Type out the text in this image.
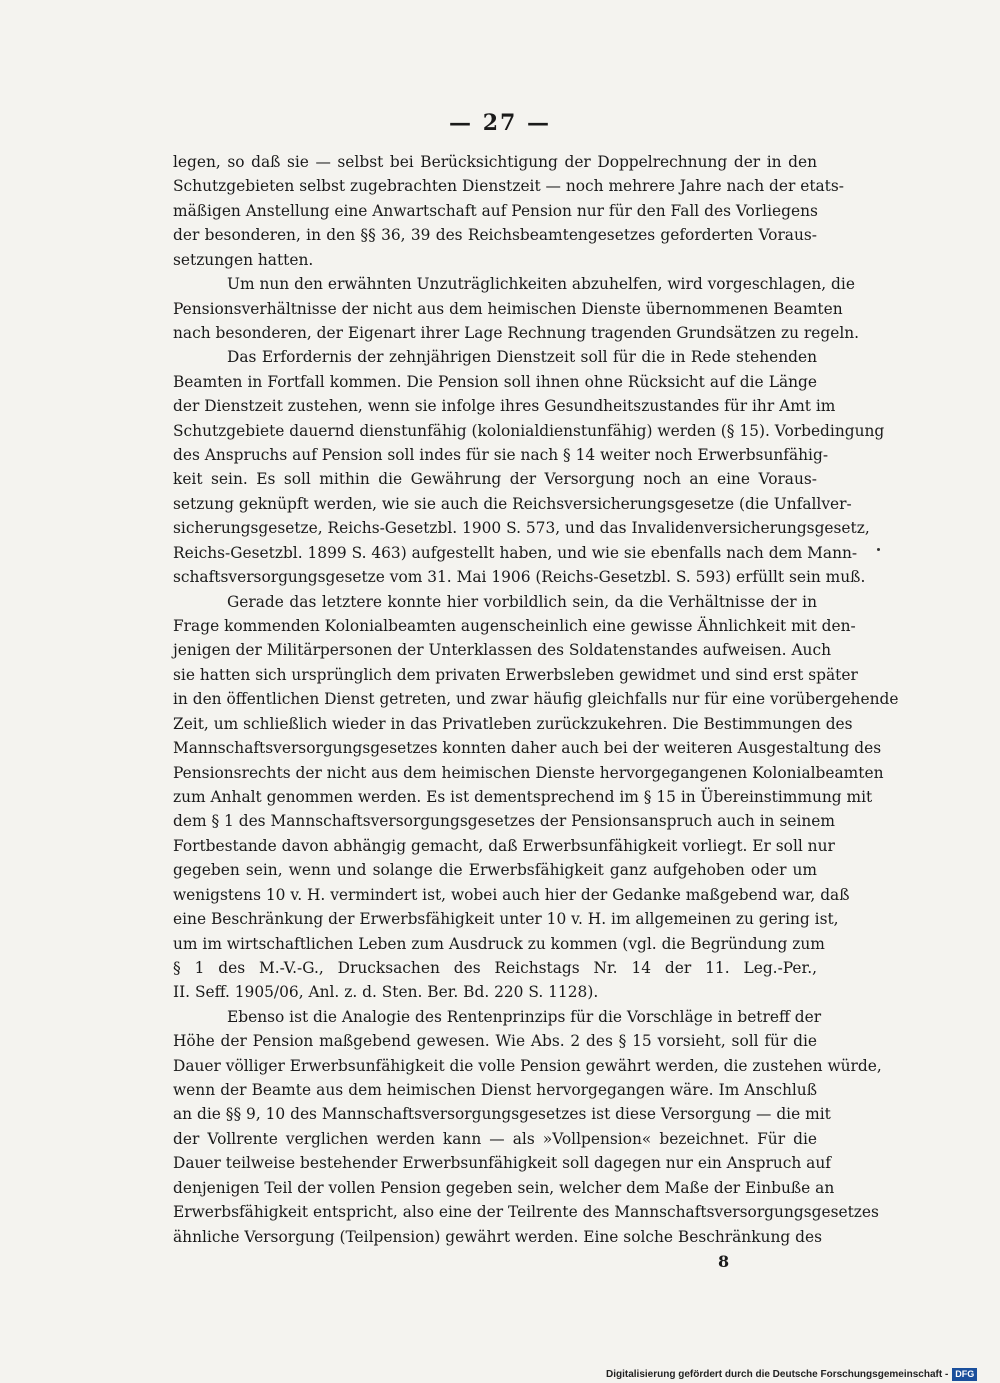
— 27 —
legen, so daß sie — selbst bei Berücksichtigung der Doppelrechnung der in den
Schutzgebieten selbst zugebrachten Dienstzeit — noch mehrere Jahre nach der etats-
mäßigen Anstellung eine Anwartschaft auf Pension nur für den Fall des Vorliegens
der besonderen, in den §§ 36, 39 des Reichsbeamtengesetzes geforderten Voraus-
setzungen hatten.
Um nun den erwähnten Unzuträglichkeiten abzuhelfen, wird vorgeschlagen, die
Pensionsverhältnisse der nicht aus dem heimischen Dienste übernommenen Beamten
nach besonderen, der Eigenart ihrer Lage Rechnung tragenden Grundsätzen zu regeln.
Das Erfordernis der zehnjährigen Dienstzeit soll für die in Rede stehenden
Beamten in Fortfall kommen. Die Pension soll ihnen ohne Rücksicht auf die Länge
der Dienstzeit zustehen, wenn sie infolge ihres Gesundheitszustandes für ihr Amt im
Schutzgebiete dauernd dienstunfähig (kolonialdienstunfähig) werden (§ 15). Vorbedingung
des Anspruchs auf Pension soll indes für sie nach § 14 weiter noch Erwerbsunfähig-
keit sein. Es soll mithin die Gewährung der Versorgung noch an eine Voraus-
setzung geknüpft werden, wie sie auch die Reichsversicherungsgesetze (die Unfallver-
sicherungsgesetze, Reichs-Gesetzbl. 1900 S. 573, und das Invalidenversicherungsgesetz,
Reichs-Gesetzbl. 1899 S. 463) aufgestellt haben, und wie sie ebenfalls nach dem Mann-
schaftsversorgungsgesetze vom 31. Mai 1906 (Reichs-Gesetzbl. S. 593) erfüllt sein muß.
Gerade das letztere konnte hier vorbildlich sein, da die Verhältnisse der in
Frage kommenden Kolonialbeamten augenscheinlich eine gewisse Ähnlichkeit mit den-
jenigen der Militärpersonen der Unterklassen des Soldatenstandes aufweisen. Auch
sie hatten sich ursprünglich dem privaten Erwerbsleben gewidmet und sind erst später
in den öffentlichen Dienst getreten, und zwar häufig gleichfalls nur für eine vorübergehende
Zeit, um schließlich wieder in das Privatleben zurückzukehren. Die Bestimmungen des
Mannschaftsversorgungsgesetzes konnten daher auch bei der weiteren Ausgestaltung des
Pensionsrechts der nicht aus dem heimischen Dienste hervorgegangenen Kolonialbeamten
zum Anhalt genommen werden. Es ist dementsprechend im § 15 in Übereinstimmung mit
dem § 1 des Mannschaftsversorgungsgesetzes der Pensionsanspruch auch in seinem
Fortbestande davon abhängig gemacht, daß Erwerbsunfähigkeit vorliegt. Er soll nur
gegeben sein, wenn und solange die Erwerbsfähigkeit ganz aufgehoben oder um
wenigstens 10 v. H. vermindert ist, wobei auch hier der Gedanke maßgebend war, daß
eine Beschränkung der Erwerbsfähigkeit unter 10 v. H. im allgemeinen zu gering ist,
um im wirtschaftlichen Leben zum Ausdruck zu kommen (vgl. die Begründung zum
§ 1 des M.-V.-G., Drucksachen des Reichstags Nr. 14 der 11. Leg.-Per.,
II. Seff. 1905/06, Anl. z. d. Sten. Ber. Bd. 220 S. 1128).
Ebenso ist die Analogie des Rentenprinzips für die Vorschläge in betreff der
Höhe der Pension maßgebend gewesen. Wie Abs. 2 des § 15 vorsieht, soll für die
Dauer völliger Erwerbsunfähigkeit die volle Pension gewährt werden, die zustehen würde,
wenn der Beamte aus dem heimischen Dienst hervorgegangen wäre. Im Anschluß
an die §§ 9, 10 des Mannschaftsversorgungsgesetzes ist diese Versorgung — die mit
der Vollrente verglichen werden kann — als »Vollpension« bezeichnet. Für die
Dauer teilweise bestehender Erwerbsunfähigkeit soll dagegen nur ein Anspruch auf
denjenigen Teil der vollen Pension gegeben sein, welcher dem Maße der Einbuße an
Erwerbsfähigkeit entspricht, also eine der Teilrente des Mannschaftsversorgungsgesetzes
ähnliche Versorgung (Teilpension) gewährt werden. Eine solche Beschränkung des
8
Digitalisierung gefördert durch die Deutsche Forschungsgemeinschaft - DFG
